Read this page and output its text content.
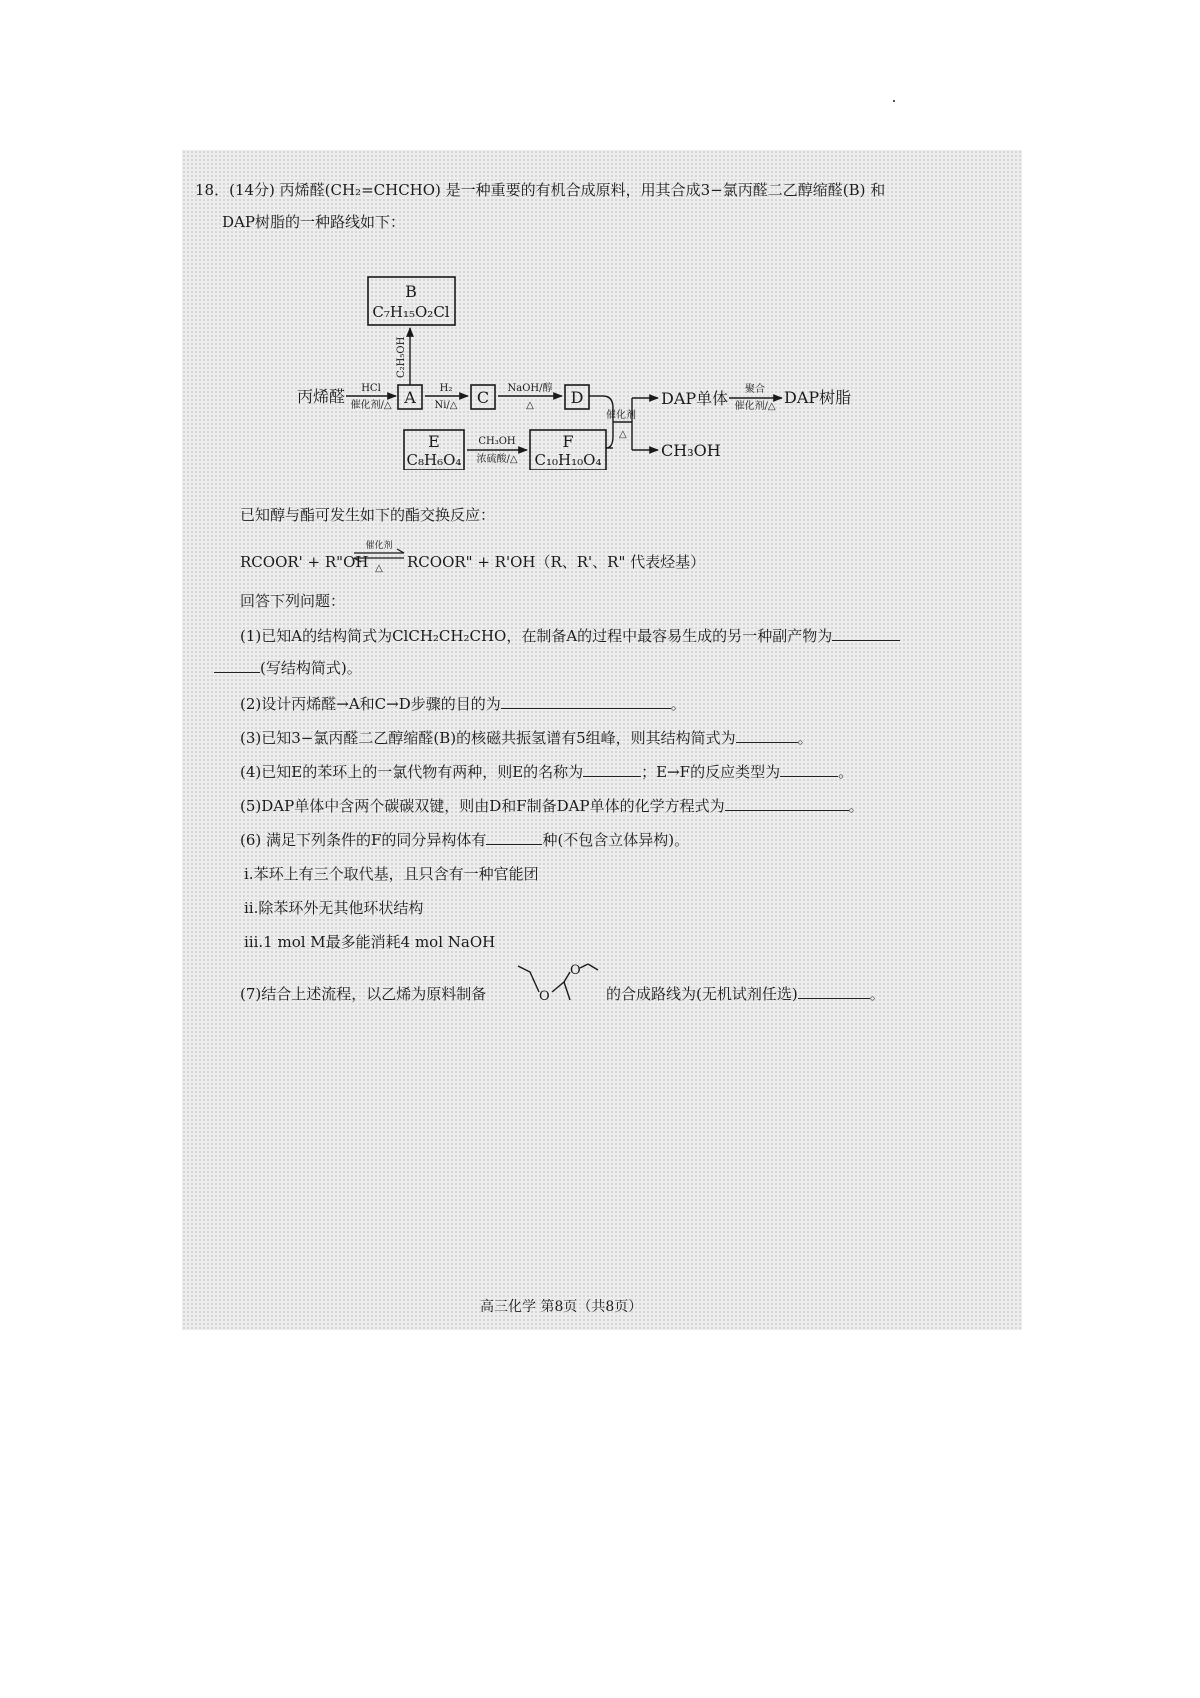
18．(14分) 丙烯醛(CH₂=CHCHO) 是一种重要的有机合成原料，用其合成3−氯丙醛二乙醇缩醛(B) 和
DAP树脂的一种路线如下：
B
C₇H₁₅O₂Cl
C₂H₅OH
丙烯醛 HCl
催化剂/△ A H₂
Ni/△ C NaOH/醇
△ D
催化剂
△
DAP单体 聚合
催化剂/△ DAP树脂
CH₃OH
E
C₈H₆O₄
CH₃OH
浓硫酸/△
F
C₁₀H₁₀O₄
已知醇与酯可发生如下的酯交换反应：
RCOOR' + R"OH
催化剂
△ RCOOR" + R'OH（R、R'、R" 代表烃基）
回答下列问题：
(1)已知A的结构简式为ClCH₂CH₂CHO，在制备A的过程中最容易生成的另一种副产物为
(写结构简式)。
(2)设计丙烯醛→A和C→D步骤的目的为	。
(3)已知3−氯丙醛二乙醇缩醛(B)的核磁共振氢谱有5组峰，则其结构简式为	。
(4)已知E的苯环上的一氯代物有两种，则E的名称为	；E→F的反应类型为	。
(5)DAP单体中含两个碳碳双键，则由D和F制备DAP单体的化学方程式为	。
(6) 满足下列条件的F的同分异构体有	种(不包含立体异构)。
ⅰ.苯环上有三个取代基，且只含有一种官能团
ⅱ.除苯环外无其他环状结构
ⅲ.1 mol M最多能消耗4 mol NaOH
(7)结合上述流程，以乙烯为原料制备	O
O
的合成路线为(无机试剂任选)	。
高三化学 第8页（共8页）
